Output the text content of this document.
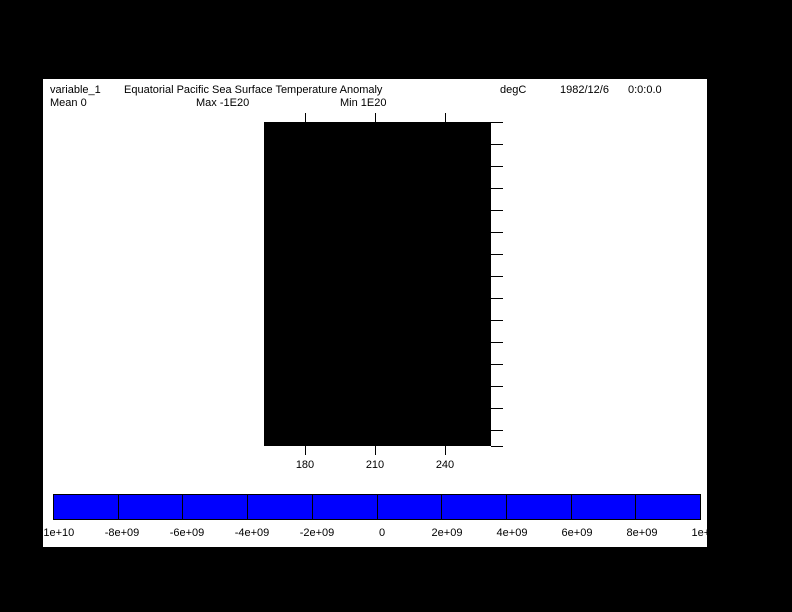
variable_1 Equatorial Pacific Sea Surface Temperature Anomaly	degC	1982/12/6 0:0:0.0
Mean 0	Max -1E20	Min 1E20
180	210	240
-1e+10	-8e+09	-6e+09	-4e+09	-2e+09	0	2e+09	4e+09	6e+09	8e+09	1e+10
